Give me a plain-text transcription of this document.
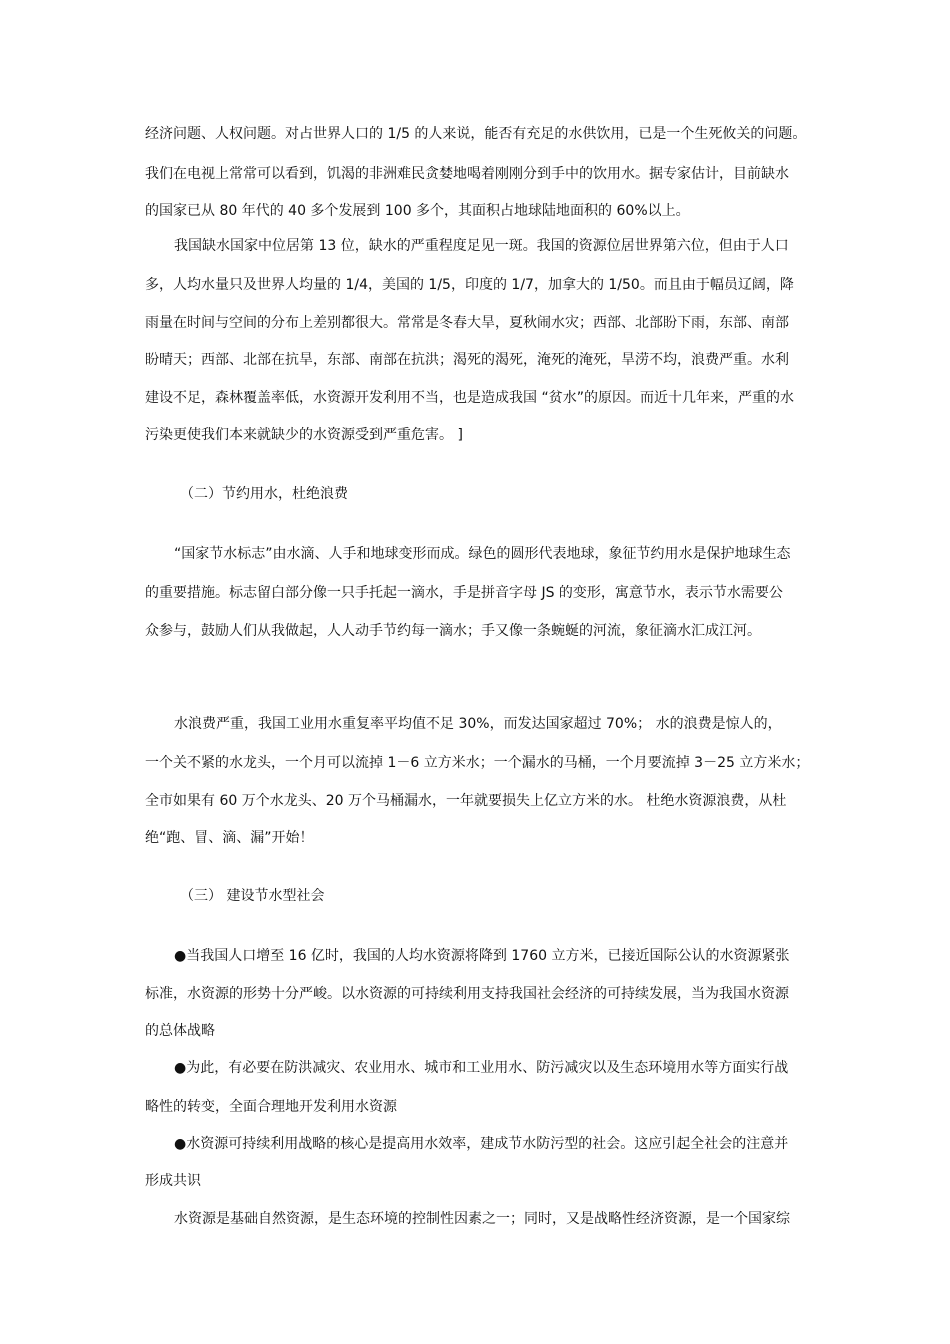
经济问题、人权问题。对占世界人口的 1/5 的人来说，能否有充足的水供饮用，已是一个生死攸关的问题。
我们在电视上常常可以看到，饥渴的非洲难民贪婪地喝着刚刚分到手中的饮用水。据专家估计，目前缺水
的国家已从 80 年代的 40 多个发展到 100 多个，其面积占地球陆地面积的 60%以上。
我国缺水国家中位居第 13 位，缺水的严重程度足见一斑。我国的资源位居世界第六位，但由于人口
多，人均水量只及世界人均量的 1/4，美国的 1/5，印度的 1/7，加拿大的 1/50。而且由于幅员辽阔，降
雨量在时间与空间的分布上差别都很大。常常是冬春大旱，夏秋闹水灾；西部、北部盼下雨，东部、南部
盼晴天；西部、北部在抗旱，东部、南部在抗洪；渴死的渴死，淹死的淹死，旱涝不均，浪费严重。水利
建设不足，森林覆盖率低，水资源开发利用不当，也是造成我国 “贫水”的原因。而近十几年来，严重的水
污染更使我们本来就缺少的水资源受到严重危害。 ]
（二）节约用水，杜绝浪费
“国家节水标志”由水滴、人手和地球变形而成。绿色的圆形代表地球，象征节约用水是保护地球生态
的重要措施。标志留白部分像一只手托起一滴水，手是拼音字母 JS 的变形，寓意节水，表示节水需要公
众参与，鼓励人们从我做起，人人动手节约每一滴水；手又像一条蜿蜒的河流，象征滴水汇成江河。
水浪费严重，我国工业用水重复率平均值不足 30%，而发达国家超过 70%； 水的浪费是惊人的，
一个关不紧的水龙头，一个月可以流掉 1－6 立方米水；一个漏水的马桶，一个月要流掉 3－25 立方米水；
全市如果有 60 万个水龙头、20 万个马桶漏水，一年就要损失上亿立方米的水。 杜绝水资源浪费，从杜
绝“跑、冒、滴、漏”开始！
（三） 建设节水型社会
●当我国人口增至 16 亿时，我国的人均水资源将降到 1760 立方米，已接近国际公认的水资源紧张
标准，水资源的形势十分严峻。以水资源的可持续利用支持我国社会经济的可持续发展，当为我国水资源
的总体战略
●为此，有必要在防洪减灾、农业用水、城市和工业用水、防污减灾以及生态环境用水等方面实行战
略性的转变，全面合理地开发利用水资源
●水资源可持续利用战略的核心是提高用水效率，建成节水防污型的社会。这应引起全社会的注意并
形成共识
水资源是基础自然资源，是生态环境的控制性因素之一；同时，又是战略性经济资源，是一个国家综
